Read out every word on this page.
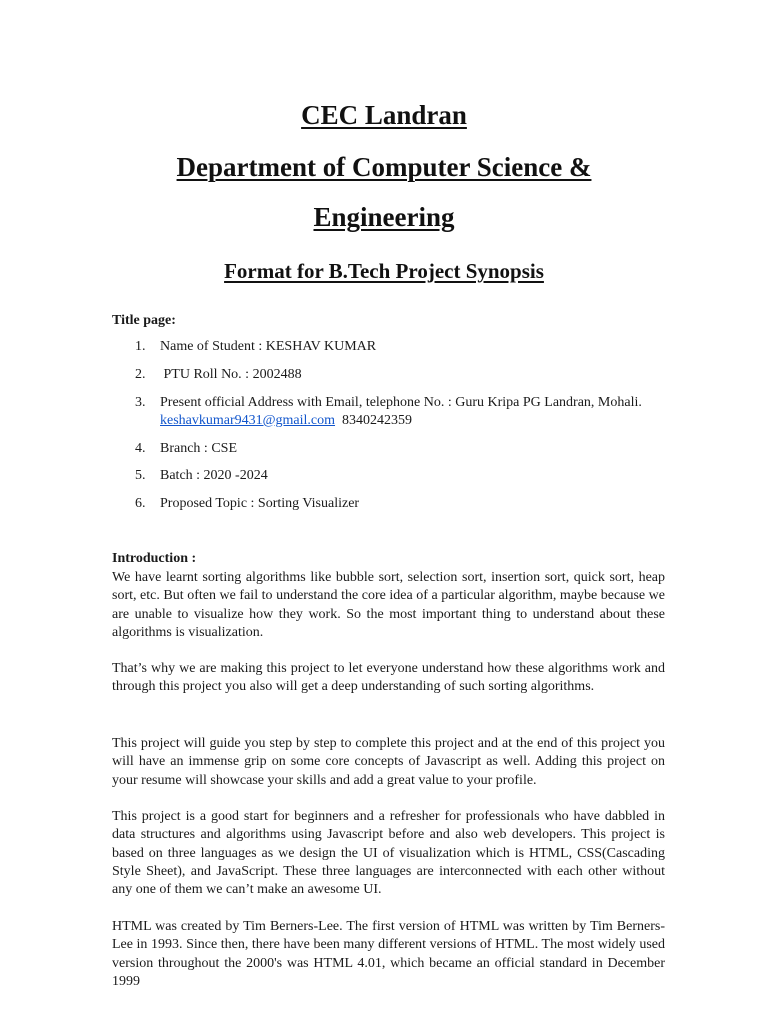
CEC Landran
Department of Computer Science &
Engineering
Format for B.Tech Project Synopsis

Title page:

1. Name of Student : KESHAV KUMAR
2. PTU Roll No. : 2002488
3. Present official Address with Email, telephone No. : Guru Kripa PG Landran, Mohali. keshavkumar9431@gmail.com  8340242359
4. Branch : CSE
5. Batch : 2020 -2024
6. Proposed Topic : Sorting Visualizer

Introduction :

We have learnt sorting algorithms like bubble sort, selection sort, insertion sort, quick sort, heap sort, etc. But often we fail to understand the core idea of a particular algorithm, maybe because we are unable to visualize how they work. So the most important thing to understand about these algorithms is visualization.

That’s why we are making this project to let everyone understand how these algorithms work and through this project you also will get a deep understanding of such sorting algorithms.

This project will guide you step by step to complete this project and at the end of this project you will have an immense grip on some core concepts of Javascript as well. Adding this project on your resume will showcase your skills and add a great value to your profile.

This project is a good start for beginners and a refresher for professionals who have dabbled in data structures and algorithms using Javascript before and also web developers. This project is based on three languages as we design the UI of visualization which is HTML, CSS(Cascading Style Sheet), and JavaScript. These three languages are interconnected with each other without any one of them we can’t make an awesome UI.

HTML was created by Tim Berners-Lee. The first version of HTML was written by Tim Berners-Lee in 1993. Since then, there have been many different versions of HTML. The most widely used version throughout the 2000's was HTML 4.01, which became an official standard in December 1999
